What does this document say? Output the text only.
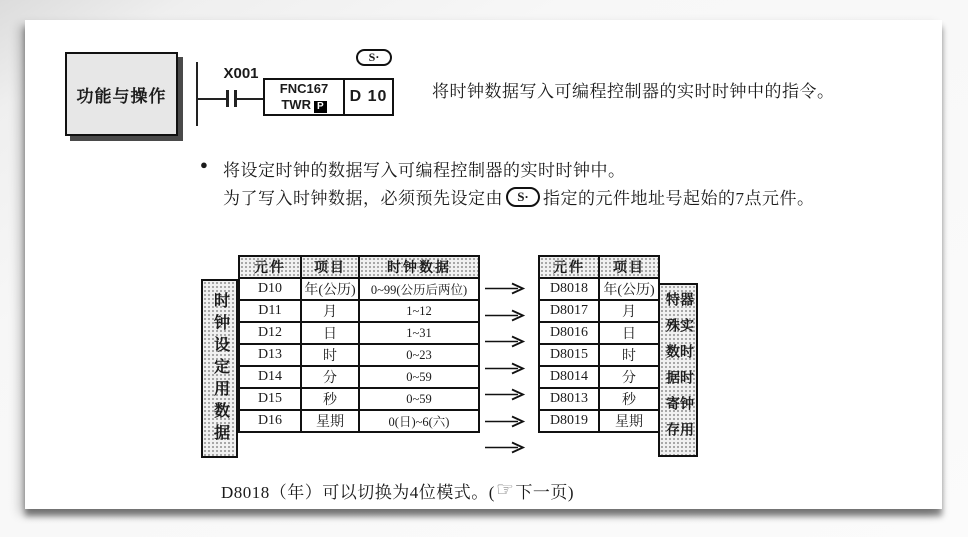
功能与操作
X001
FNC167
TWR P
D 10
S·
将时钟数据写入可编程控制器的实时时钟中的指令。
● 将设定时钟的数据写入可编程控制器的实时时钟中。
为了写入时钟数据，必须预先设定由	S· 指定的元件地址号起始的7点元件。
时钟设定用数据
元件	项目	时钟数据
D10	年(公历)	0~99(公历后两位)
D11	月	1~12
D12	日	1~31
D13	时	0~23
D14	分	0~59
D15	秒	0~59
D16	星期	0(日)~6(六)
元件	项目
D8018	年(公历)
D8017	月
D8016	日
D8015	时
D8014	分
D8013	秒
D8019	星期 特殊数据寄存 器实时时钟用
D8018（年）可以切换为4位模式。( ☞ 下一页)
